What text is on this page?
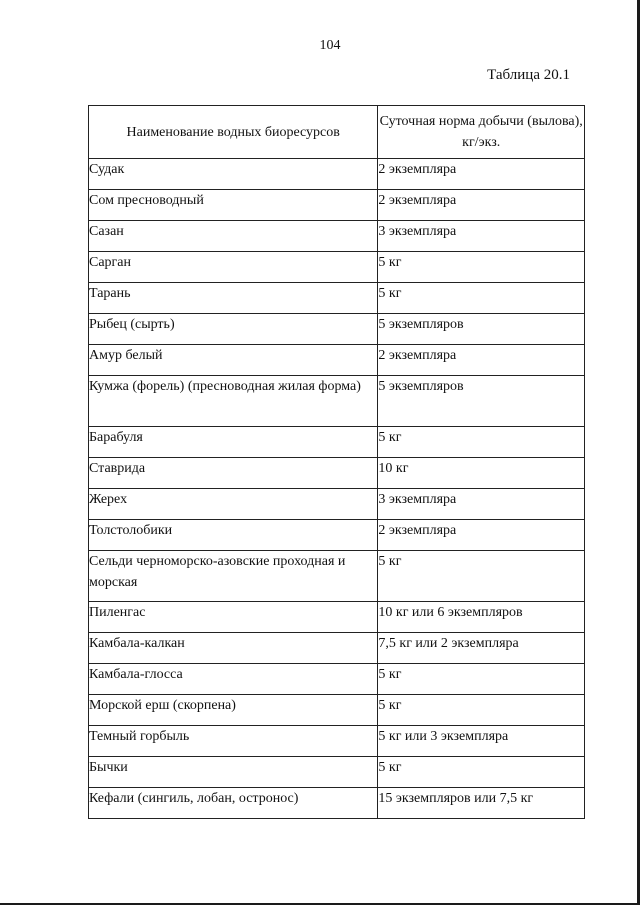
104
Таблица 20.1
Наименование водных биоресурсов	Суточная норма добычи (вылова), кг/экз.
Судак	2 экземпляра
Сом пресноводный	2 экземпляра
Сазан	3 экземпляра
Сарган	5 кг
Тарань	5 кг
Рыбец (сырть)	5 экземпляров
Амур белый	2 экземпляра
Кумжа (форель) (пресноводная жилая форма)	5 экземпляров
Барабуля	5 кг
Ставрида	10 кг
Жерех	3 экземпляра
Толстолобики	2 экземпляра
Сельди черноморско-азовские проходная и морская	5 кг
Пиленгас	10 кг или 6 экземпляров
Камбала-калкан	7,5 кг или 2 экземпляра
Камбала-глосса	5 кг
Морской ерш (скорпена)	5 кг
Темный горбыль	5 кг или 3 экземпляра
Бычки	5 кг
Кефали (сингиль, лобан, остронос)	15 экземпляров или 7,5 кг
